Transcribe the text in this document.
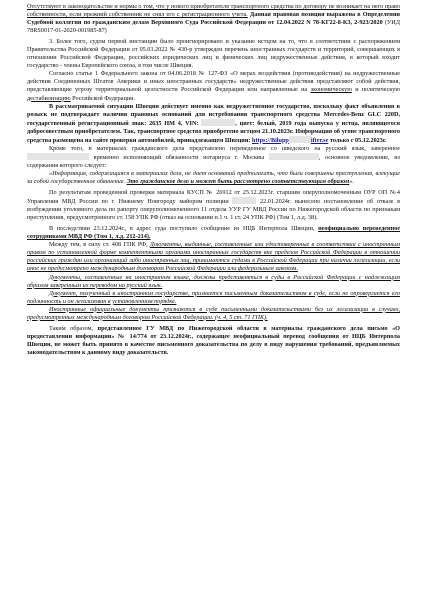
Отсутствуют в законодательстве и нормы о том, что у нового приобретателя транспортного средства по договору не возникает на него право собственности, если прежний собственник не снял его с регистрационного учета. Данная правовая позиция выражена в Определении Судебной коллегии по гражданским делам Верховного Суда Российской Федерации от 12.04.2022 N 78-КГ22-8-К3, 2-923/2020 (УИД 78RS0017-01-2020-001985-87)

3. Более того, судом первой инстанции было проигнорировано и указание истцом на то, что в соответствии с распоряжением Правительства Российской Федерации от 05.03.2022 № 430-р утвержден перечень иностранных государств и территорий, совершающих в отношении Российской Федерации, российских юридических лиц и физических лиц недружественные действия, в который входит государство - члены Европейского союза, в том числе Швеция.

Согласно статье 1 Федерального закона от 04.06.2018 № 127-ФЗ «О мерах воздействия (противодействия) на недружественные действия Соединенных Штатов Америки и иных иностранных государств» недружественные действия представляют собой действия, представляющие угрозу территориальной целостности Российской Федерации или направленные на экономическую и политическую дестабилизацию Российской Федерации.

В рассматриваемой ситуации Швеция действует именно как недружественное государство, поскольку факт объявления в розыск не подтверждает наличия правовых оснований для истребования транспортного средства Mercedes-Benz GLC 220D, государственный регистрационный знак: 2635 HM 4, VIN:	, цвет: белый, 2019 года выпуска у истца, являющегося добросовестным приобретателем. Так, транспортное средство приобретено истцом 21.10.2023г. Информация об угоне транспортного средства размещена на сайте проверки автомобилей, принадлежащем Швеции: https://Bilupp	ifter.se только с 05.12.2023г.

Кроме того, в материалах гражданского дела представлено переведенное со шведского на русский язык, заверенное  временно исполняющий обязанности нотариуса г. Москвы	, основное уведомление, из содержания которого следует:

«Информация, содержащаяся в материалах дела, не дает оснований предполагать, что были совершены преступления, влекущие за собой государственное обвинение. Это гражданское дело и может быть рассмотрено соответствующим образом».

По результатам проведенной проверки материала КУСП № 26912 от 25.12.2023г. старшим оперуполномоченным ОУР ОП №4 Управления МВД России по г. Нижнему Новгороду майором полиции	22.01.2024г. вынесено постановление об отказе в возбуждении уголовного дела по рапорту оперуполномоченного 11 отдела УУР ГУ МВД России по Нижегородской области по признакам преступления, предусмотренного ст. 158 УПК РФ (отказ на основании п.1 ч. 1 ст. 24 УПК РФ) (Том 1, л.д. 38).

В последствии 23.12.2024г., в адрес суда поступило сообщение из НЦБ Интерпола Швеции, неофициально переведенное сотрудниками МВД РФ (Том 1, л.д. 212-214).

Между тем, в силу ст. 408 ГПК РФ, Документы, выданные, составленные или удостоверенные в соответствии с иностранным правом по установленной форме компетентными органами иностранных государств вне пределов Российской Федерации в отношении российских граждан или организаций либо иностранных лиц, принимаются судами в Российской Федерации при наличии легализации, если иное не предусмотрено международным договором Российской Федерации или федеральным законом.

Документы, составленные на иностранном языке, должны представляться в суды в Российской Федерации с надлежащим образом заверенным их переводом на русский язык.

Документ, полученный в иностранном государстве, признается письменным доказательством в суде, если не опровергается его подлинность и он легализован в установленном порядке.

Иностранные официальные документы признаются в суде письменными доказательствами без их легализации в случаях, предусмотренных международным договором Российской Федерации. (ч. 4, 5 ст. 71 ГПК).

Таким образом, представленное ГУ МВД по Нижегородской области в материалы гражданского дела письмо «О предоставлении информации» № 14/774 от 23.12.2024г., содержащее неофициальный перевод сообщения от НЦБ Интерпола Швеции, не может быть принято в качестве письменного доказательства по делу в виду нарушения требований, предъявляемых законодательством к данному виду доказательств.
